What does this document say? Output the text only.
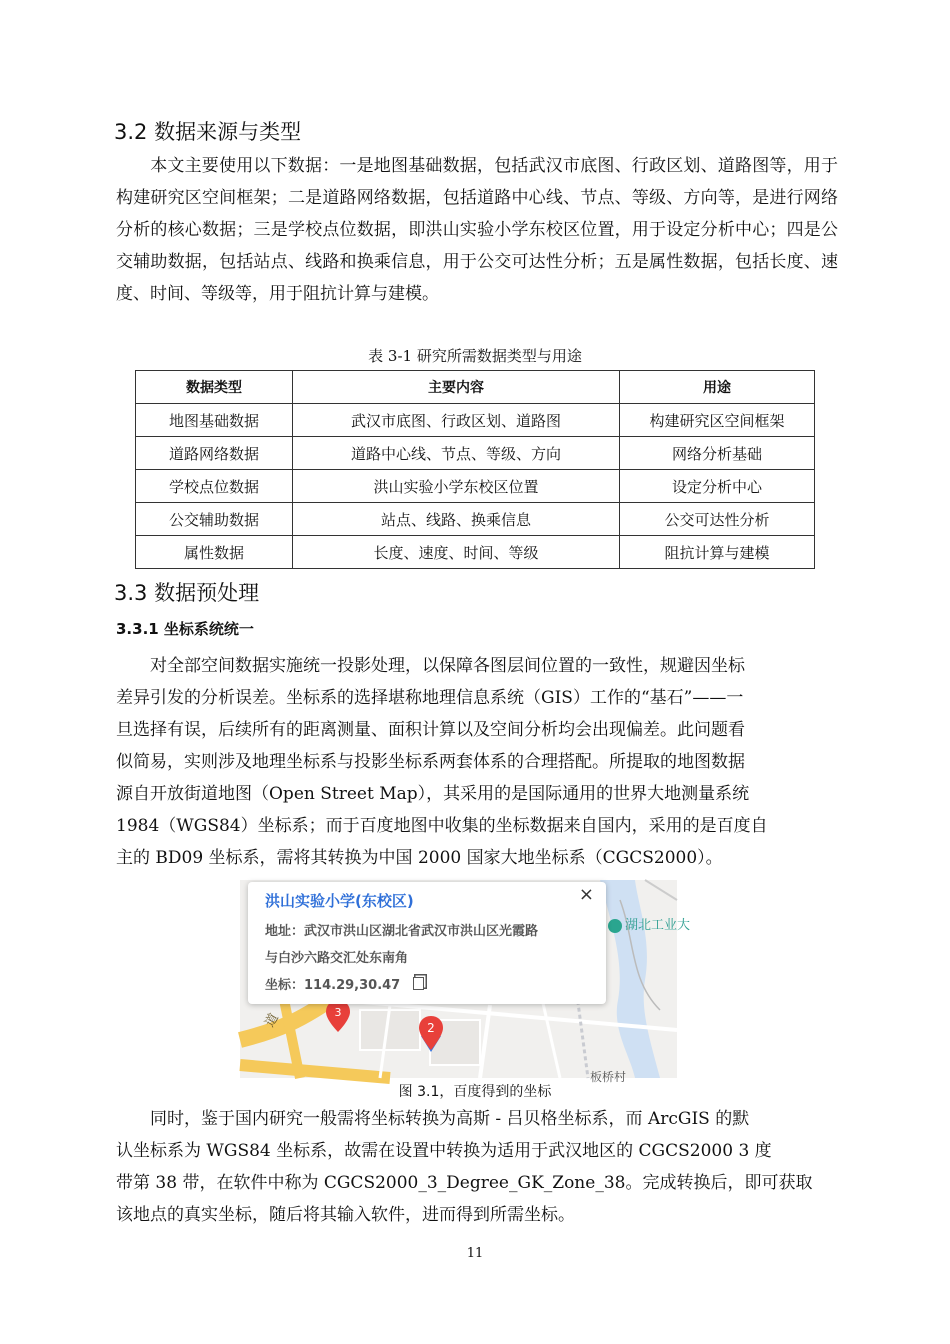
3.2 数据来源与类型

本文主要使用以下数据：一是地图基础数据，包括武汉市底图、行政区划、道路图等，用于构建研究区空间框架；二是道路网络数据，包括道路中心线、节点、等级、方向等，是进行网络分析的核心数据；三是学校点位数据，即洪山实验小学东校区位置，用于设定分析中心；四是公交辅助数据，包括站点、线路和换乘信息，用于公交可达性分析；五是属性数据，包括长度、速度、时间、等级等，用于阻抗计算与建模。

表 3-1 研究所需数据类型与用途
数据类型	主要内容	用途
地图基础数据	武汉市底图、行政区划、道路图	构建研究区空间框架
道路网络数据	道路中心线、节点、等级、方向	网络分析基础
学校点位数据	洪山实验小学东校区位置	设定分析中心
公交辅助数据	站点、线路、换乘信息	公交可达性分析
属性数据	长度、速度、时间、等级	阻抗计算与建模
3.3 数据预处理
3.3.1 坐标系统统一
对全部空间数据实施统一投影处理，以保障各图层间位置的一致性，规避因坐标
差异引发的分析误差。坐标系的选择堪称地理信息系统（GIS）工作的“基石”——一
旦选择有误，后续所有的距离测量、面积计算以及空间分析均会出现偏差。此问题看
似简易，实则涉及地理坐标系与投影坐标系两套体系的合理搭配。所提取的地图数据
源自开放街道地图（Open Street Map），其采用的是国际通用的世界大地测量系统
1984（WGS84）坐标系；而于百度地图中收集的坐标数据来自国内，采用的是百度自
主的 BD09 坐标系，需将其转换为中国 2000 国家大地坐标系（CGCS2000）。
湖北工业大
道
板桥村
3
2
洪山实验小学(东校区)	×
地址：武汉市洪山区湖北省武汉市洪山区光霞路
与白沙六路交汇处东南角
坐标：114.29,30.47
图 3.1，百度得到的坐标
同时，鉴于国内研究一般需将坐标转换为高斯 - 吕贝格坐标系，而 ArcGIS 的默
认坐标系为 WGS84 坐标系，故需在设置中转换为适用于武汉地区的 CGCS2000 3 度
带第 38 带，在软件中称为 CGCS2000_3_Degree_GK_Zone_38。完成转换后，即可获取
该地点的真实坐标，随后将其输入软件，进而得到所需坐标。
11
